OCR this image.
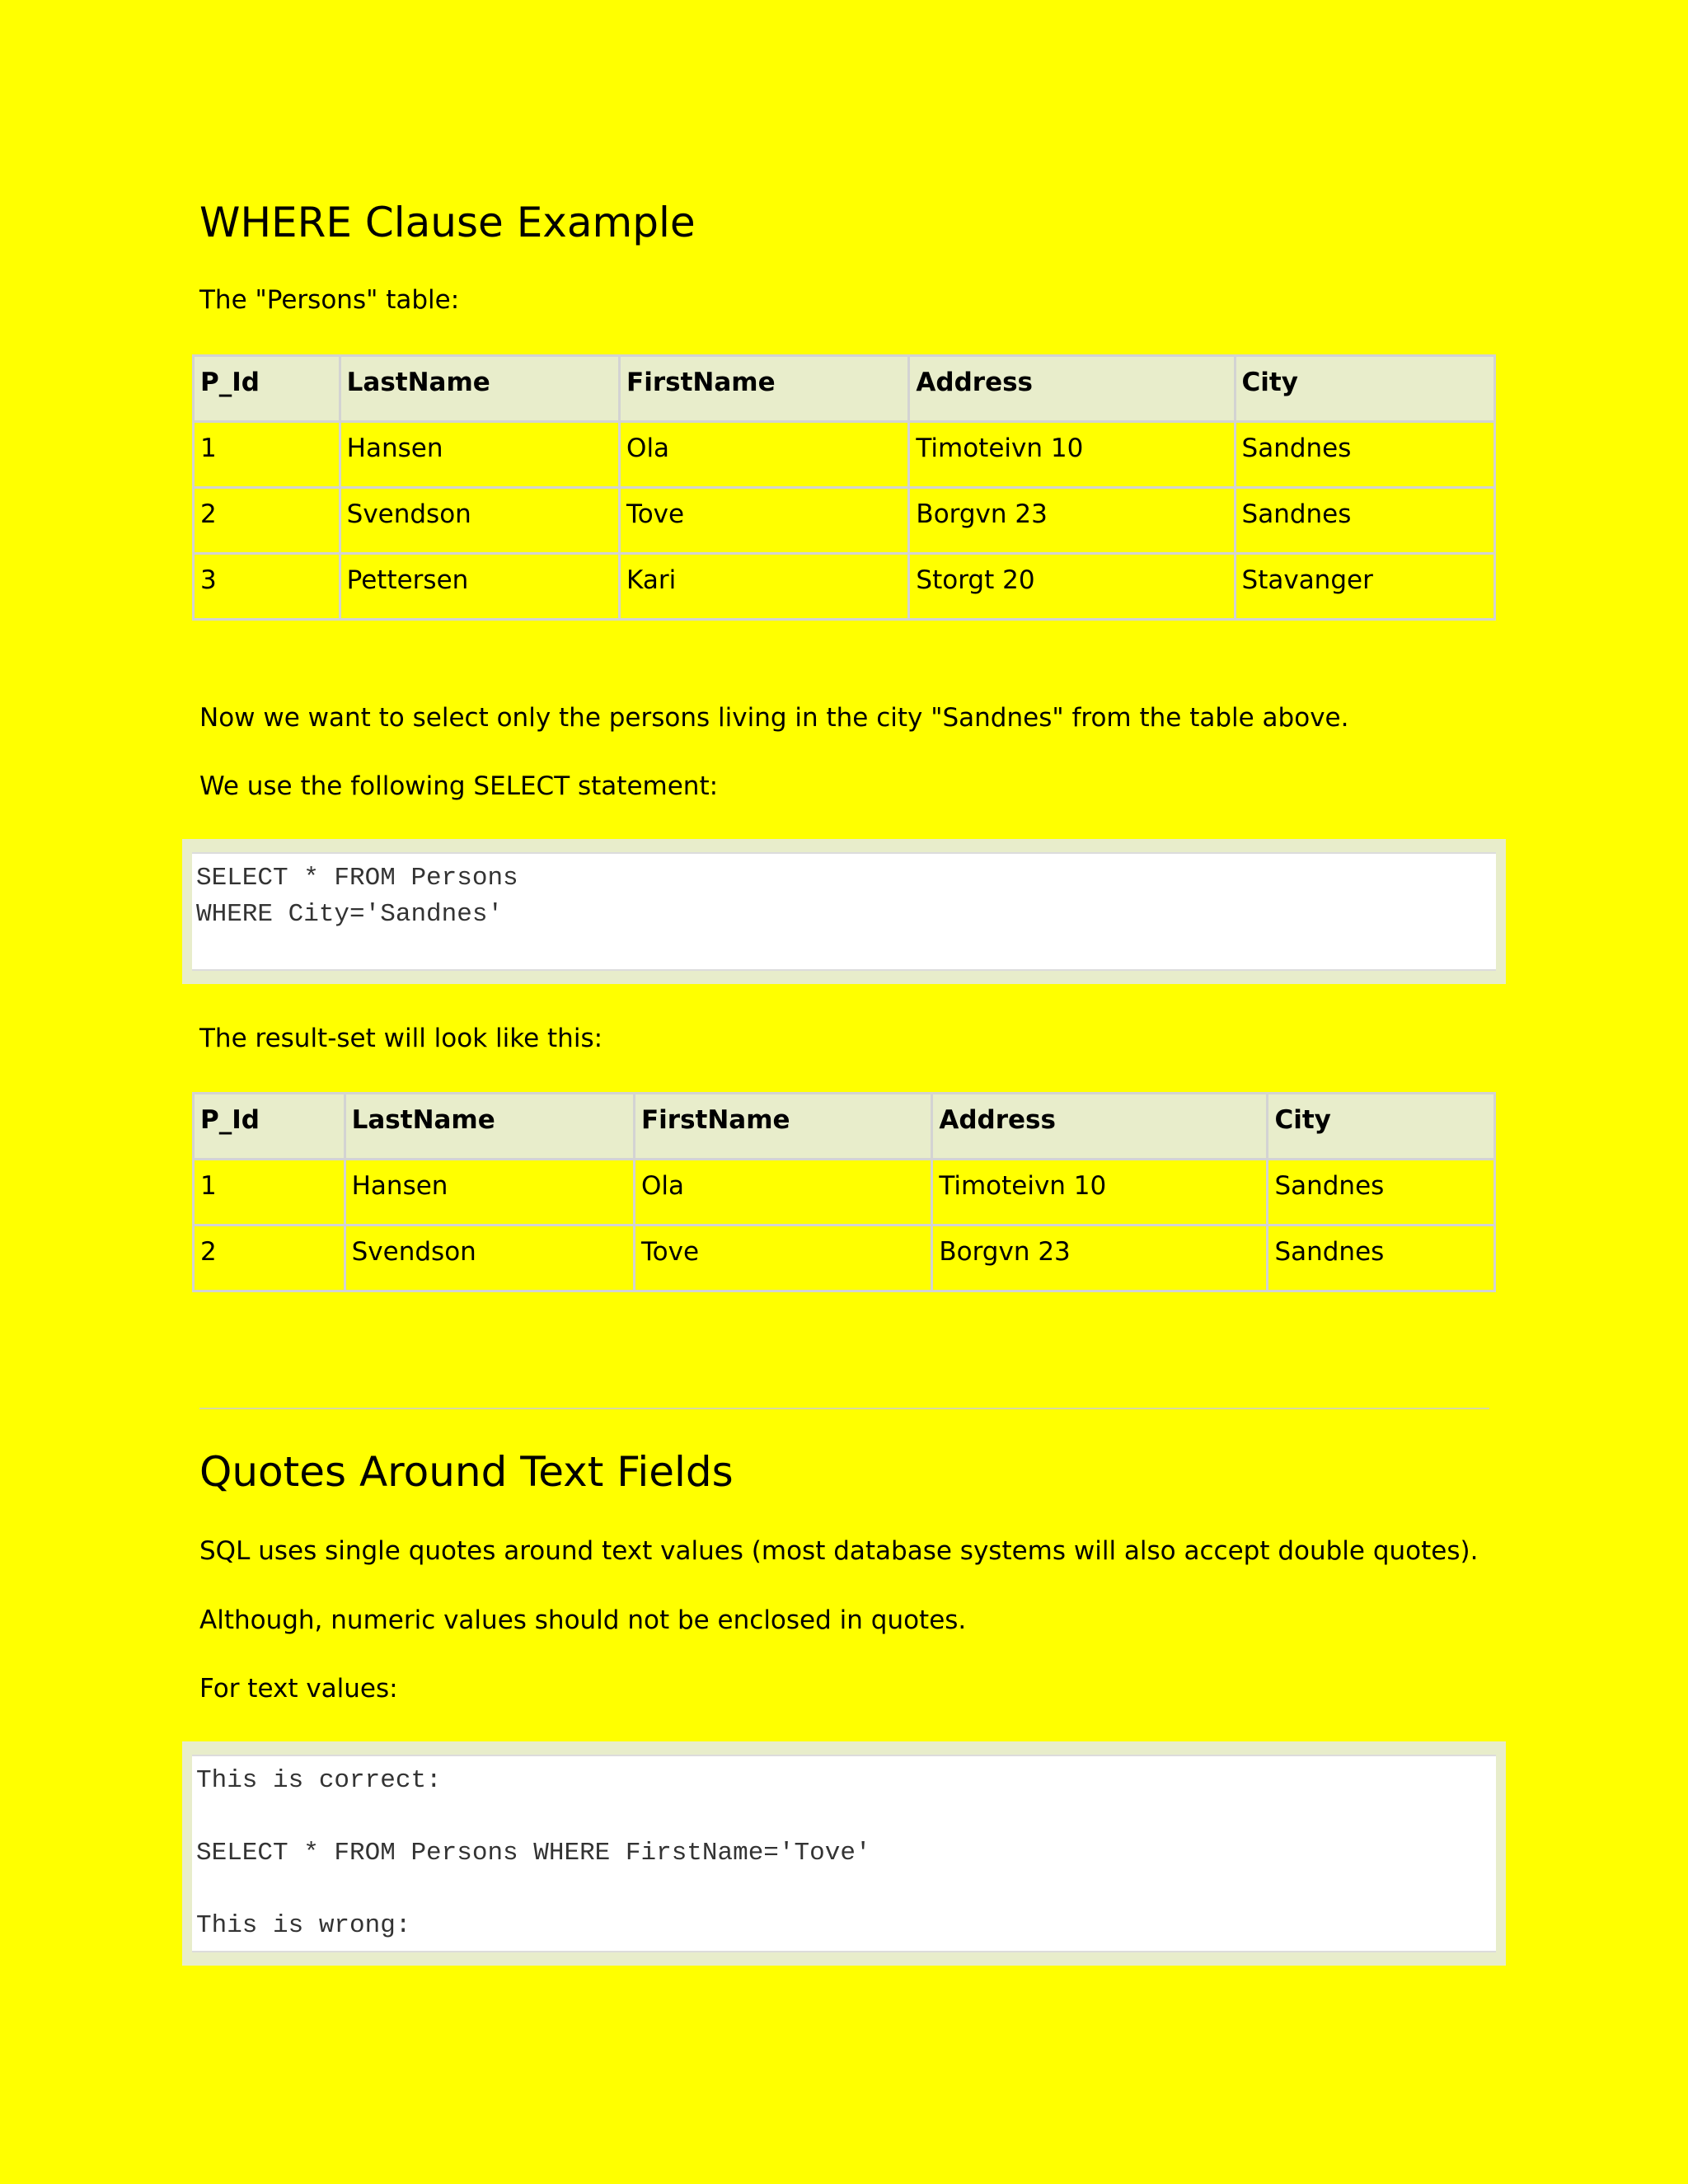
WHERE Clause Example

The "Persons" table:

P_Id	LastName	FirstName	Address	City
1	Hansen	Ola	Timoteivn 10	Sandnes
2	Svendson	Tove	Borgvn 23	Sandnes
3	Pettersen	Kari	Storgt 20	Stavanger

Now we want to select only the persons living in the city "Sandnes" from the table above.

We use the following SELECT statement:

SELECT * FROM Persons
WHERE City='Sandnes'

The result-set will look like this:

P_Id	LastName	FirstName	Address	City
1	Hansen	Ola	Timoteivn 10	Sandnes
2	Svendson	Tove	Borgvn 23	Sandnes
Quotes Around Text Fields

SQL uses single quotes around text values (most database systems will also accept double quotes).

Although, numeric values should not be enclosed in quotes.

For text values:

This is correct:

SELECT * FROM Persons WHERE FirstName='Tove'

This is wrong:
